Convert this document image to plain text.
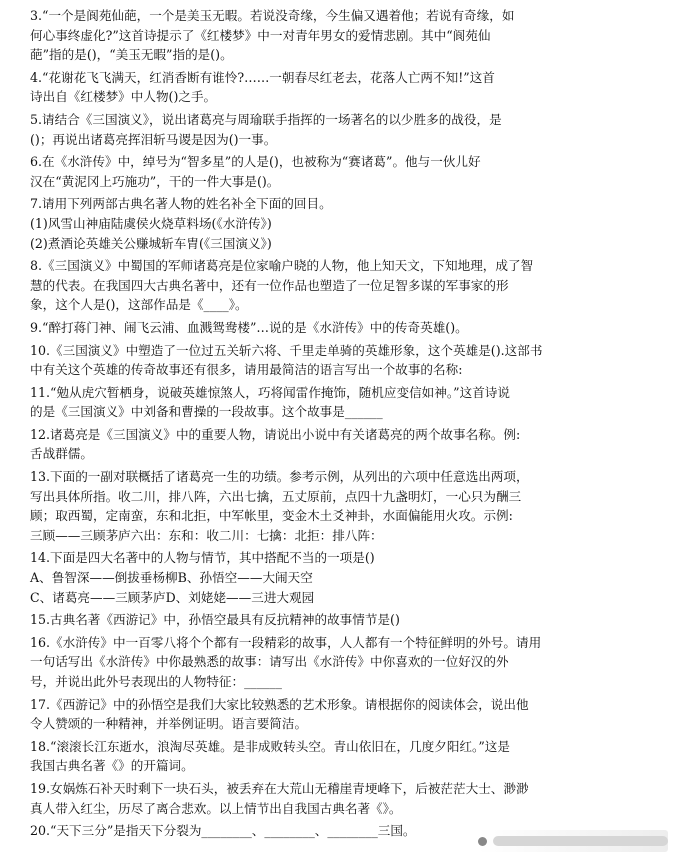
3.“一个是阆苑仙葩，一个是美玉无暇。若说没奇缘，今生偏又遇着他；若说有奇缘，如
何心事终虚化?”这首诗提示了《红楼梦》中一对青年男女的爱情悲剧。其中“阆苑仙
葩”指的是()，“美玉无暇”指的是()。
4.“花谢花飞飞满天，红消香断有谁怜?……一朝春尽红老去，花落人亡两不知!”这首
诗出自《红楼梦》中人物()之手。
5.请结合《三国演义》，说出诸葛亮与周瑜联手指挥的一场著名的以少胜多的战役，是
()；再说出诸葛亮挥泪斩马谡是因为()一事。
6.在《水浒传》中，绰号为“智多星”的人是()，也被称为“赛诸葛”。他与一伙儿好
汉在“黄泥冈上巧施功”，干的一件大事是()。
7.请用下列两部古典名著人物的姓名补全下面的回目。
(1)风雪山神庙陆虞侯火烧草料场(《水浒传》)
(2)煮酒论英雄关公赚城斩车胄(《三国演义》)
8.《三国演义》中蜀国的军师诸葛亮是位家喻户晓的人物，他上知天文，下知地理，成了智
慧的代表。在我国四大古典名著中，还有一位作品也塑造了一位足智多谋的军事家的形
象，这个人是()，这部作品是《____》。
9.“醉打蒋门神、闹飞云浦、血溅鸳鸯楼”…说的是《水浒传》中的传奇英雄()。
10.《三国演义》中塑造了一位过五关斩六将、千里走单骑的英雄形象，这个英雄是().这部书
中有关这个英雄的传奇故事还有很多，请用最简洁的语言写出一个故事的名称:
11.“勉从虎穴暂栖身，说破英雄惊煞人，巧将闻雷作掩饰，随机应变信如神。”这首诗说
的是《三国演义》中刘备和曹操的一段故事。这个故事是______
12.诸葛亮是《三国演义》中的重要人物，请说出小说中有关诸葛亮的两个故事名称。例:
舌战群儒。
13.下面的一副对联概括了诸葛亮一生的功绩。参考示例，从列出的六项中任意选出两项，
写出具体所指。收二川，排八阵，六出七擒，五丈原前，点四十九盏明灯，一心只为酬三
顾；取西蜀，定南蛮，东和北拒，中军帐里，变金木土爻神卦，水面偏能用火攻。示例:
三顾——三顾茅庐六出：东和：收二川：七擒：北拒：排八阵：
14.下面是四大名著中的人物与情节，其中搭配不当的一项是()
A、鲁智深——倒拔垂杨柳B、孙悟空——大闹天空
C、诸葛亮——三顾茅庐D、刘姥姥——三进大观园
15.古典名著《西游记》中，孙悟空最具有反抗精神的故事情节是()
16.《水浒传》中一百零八将个个都有一段精彩的故事，人人都有一个特征鲜明的外号。请用
一句话写出《水浒传》中你最熟悉的故事：请写出《水浒传》中你喜欢的一位好汉的外
号，并说出此外号表现出的人物特征：______
17.《西游记》中的孙悟空是我们大家比较熟悉的艺术形象。请根据你的阅读体会，说出他
令人赞颂的一种精神，并举例证明。语言要简洁。
18.“滚滚长江东逝水，浪淘尽英雄。是非成败转头空。青山依旧在，几度夕阳红。”这是
我国古典名著《》的开篇词。
19.女娲炼石补天时剩下一块石头，被丢弃在大荒山无稽崖青埂峰下，后被茫茫大士、渺渺
真人带入红尘，历尽了离合悲欢。以上情节出自我国古典名著《》。
20.“天下三分”是指天下分裂为________、________、________三国。
